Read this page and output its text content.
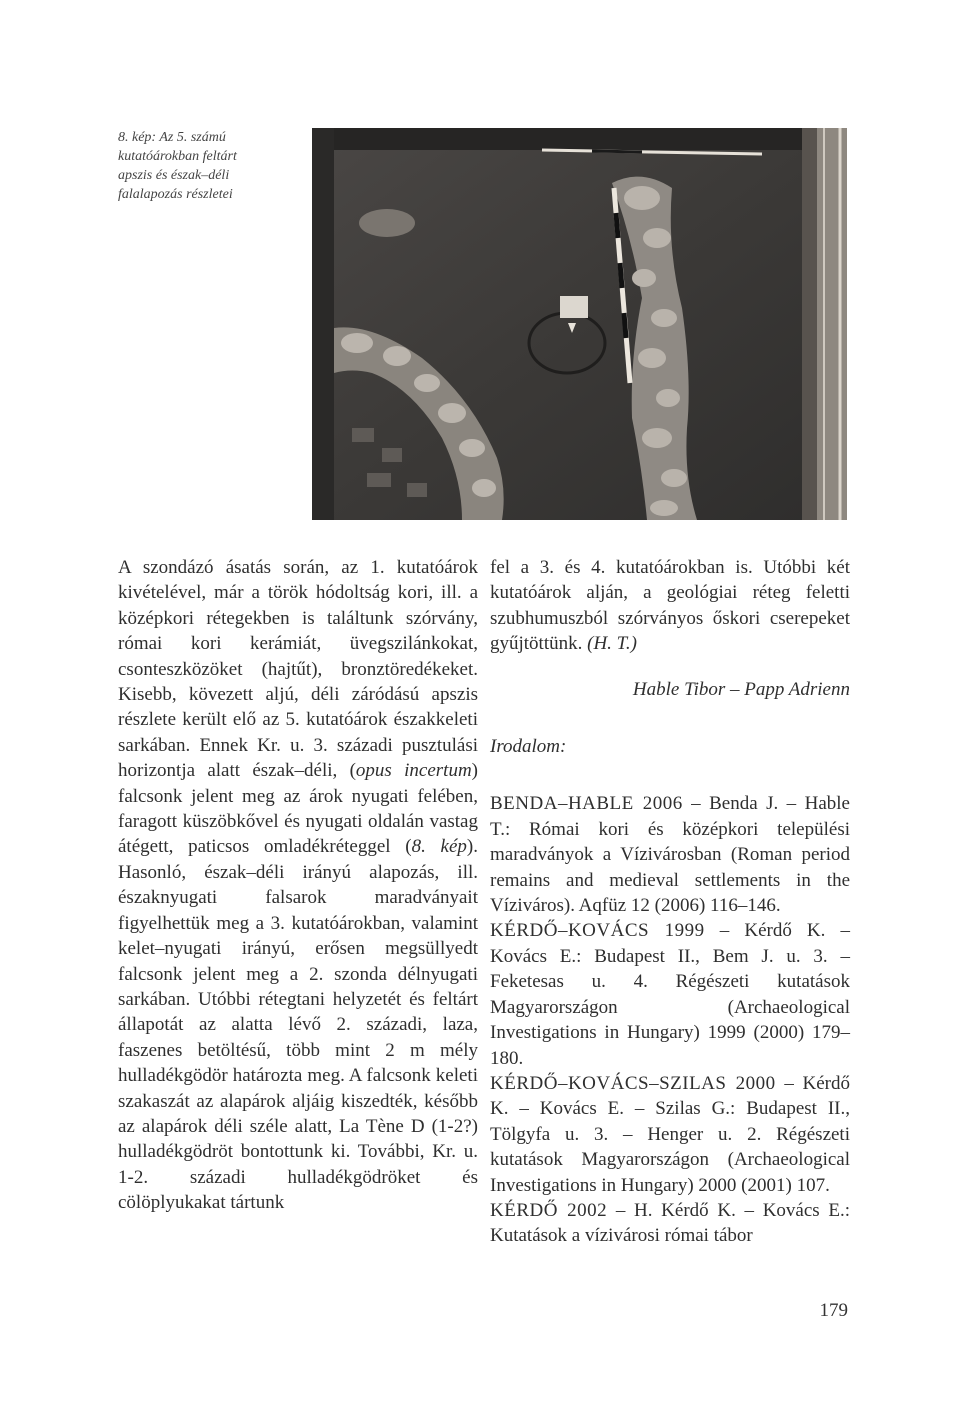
8. kép: Az 5. számú
kutatóárokban feltárt
apszis és észak–déli
falalapozás részletei

A szondázó ásatás során, az 1. kutatóárok kivételével, már a török hódoltság kori, ill. a középkori rétegekben is találtunk szórvány, római kori kerámiát, üvegszilánkokat, csonteszközöket (hajtűt), bronztöredékeket. Kisebb, kövezett aljú, déli záródású apszis részlete került elő az 5. kutatóárok északkeleti sarkában. Ennek Kr. u. 3. századi pusztulási horizontja alatt észak–déli, (opus incertum) falcsonk jelent meg az árok nyugati felében, faragott küszöbkővel és nyugati oldalán vastag átégett, paticsos omladékréteggel (8. kép). Hasonló, észak–déli irányú alapozás, ill. északnyugati falsarok maradványait figyelhettük meg a 3. kutatóárokban, valamint kelet–nyugati irányú, erősen megsüllyedt falcsonk jelent meg a 2. szonda délnyugati sarkában. Utóbbi rétegtani helyzetét és feltárt állapotát az alatta lévő 2. századi, laza, faszenes betöltésű, több mint 2 m mély hulladékgödör határozta meg. A falcsonk keleti szakaszát az alapárok aljáig kiszedték, később az alapárok déli széle alatt, La Tène D (1-2?) hulladékgödröt bontottunk ki. További, Kr. u. 1-2. századi hulladékgödröket és cölöplyukakat tártunk

fel a 3. és 4. kutatóárokban is. Utóbbi két kutatóárok alján, a geológiai réteg feletti szubhumuszból szórványos őskori cserepeket gyűjtöttünk. (H. T.)

Hable Tibor – Papp Adrienn

Irodalom:

BENDA–HABLE 2006 – Benda J. – Hable T.: Római kori és középkori települési maradványok a Vízivárosban (Roman period remains and medieval settlements in the Víziváros). Aqfüz 12 (2006) 116–146.

KÉRDŐ–KOVÁCS 1999 – Kérdő K. – Kovács E.: Budapest II., Bem J. u. 3. – Feketesas u. 4. Régészeti kutatások Magyarországon (Archaeological Investigations in Hungary) 1999 (2000) 179–180.

KÉRDŐ–KOVÁCS–SZILAS 2000 – Kérdő K. – Kovács E. – Szilas G.: Budapest II., Tölgyfa u. 3. – Henger u. 2. Régészeti kutatások Magyarországon (Archaeological Investigations in Hungary) 2000 (2001) 107.

KÉRDŐ 2002 – H. Kérdő K. – Kovács E.: Kutatások a vízivárosi római tábor

179
